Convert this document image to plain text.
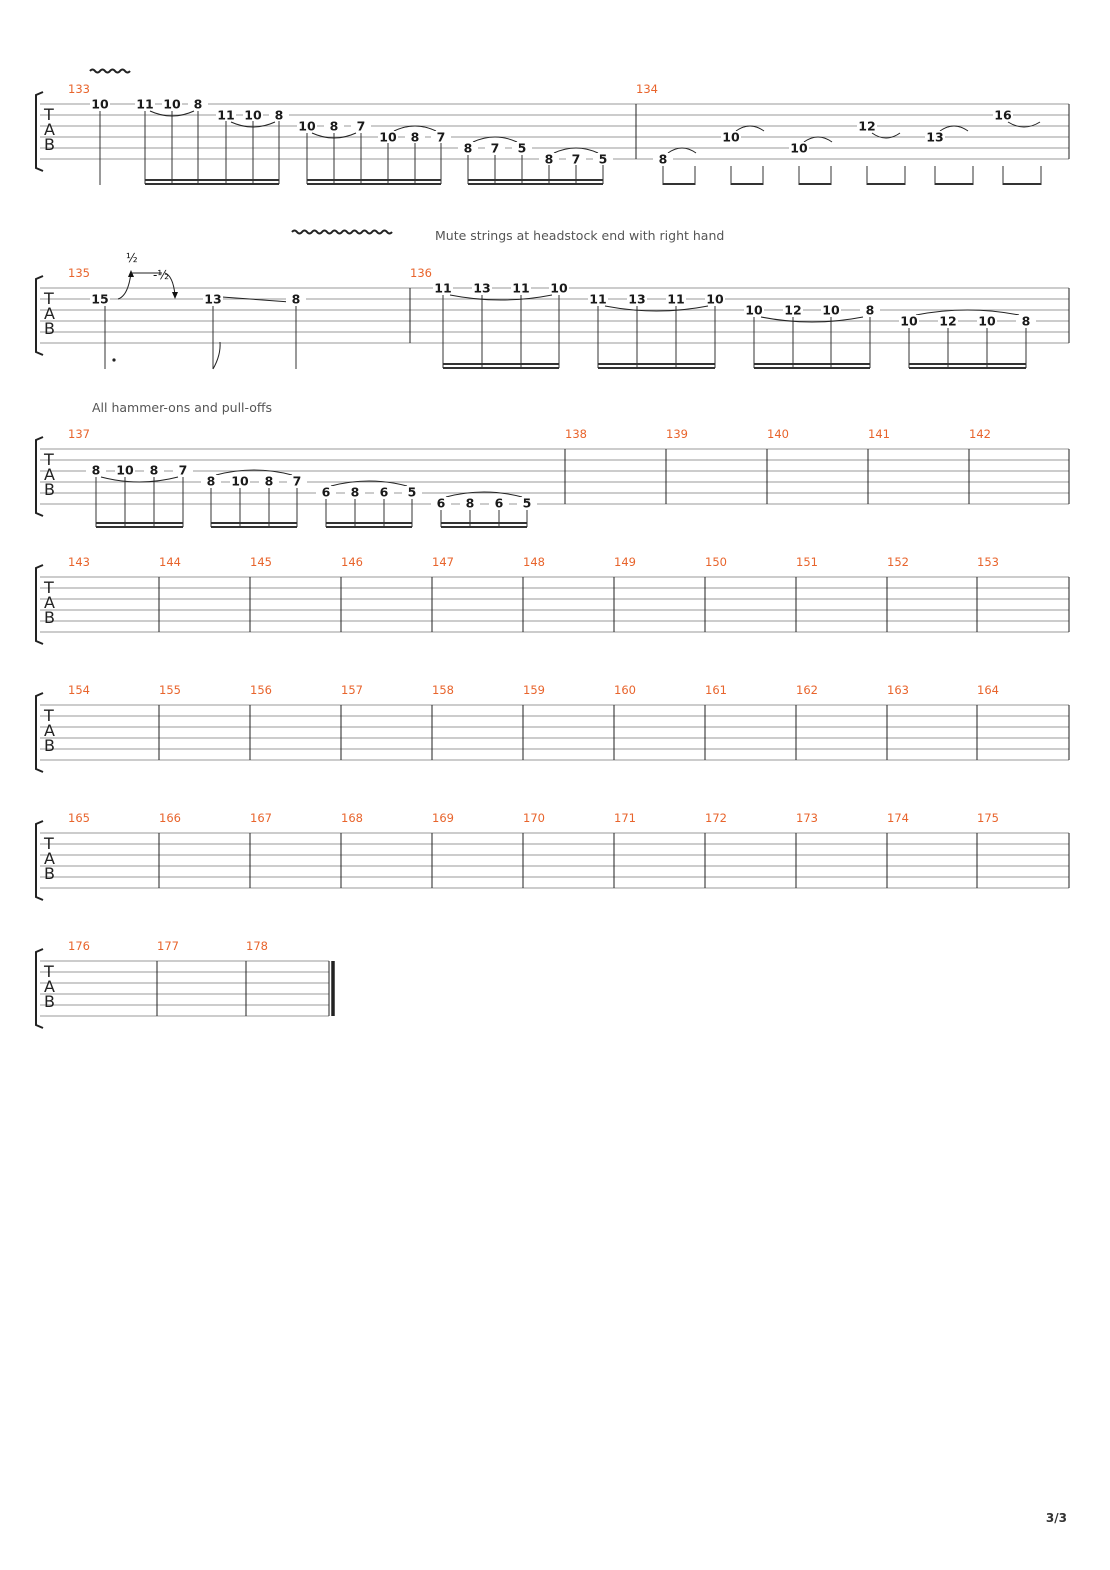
T
A
B
133	134
T
A
B
135	136
T
A
B
137	138	139	140	141	142
T
A
B
143	144	145	146	147	148	149	150	151	152	153
T
A
B
154	155	156	157	158	159	160	161	162	163	164
T
A
B
165	166	167	168	169	170	171	172	173	174	175
T
A
B
176	177	178
10 11 10 8
11 10 8
10 8 7
10 8 7
8 7 5
8 7 5	8
10
10
12
13
16
15	13	8
11 13 11 10
11 13 11 10
10 12 10 8
10 12 10 8
8 10 8 7
8 10 8 7
6 8 6 5
6 8 6 5
Mute strings at headstock end with right hand
All hammer-ons and pull-offs
½
-½
3/3
